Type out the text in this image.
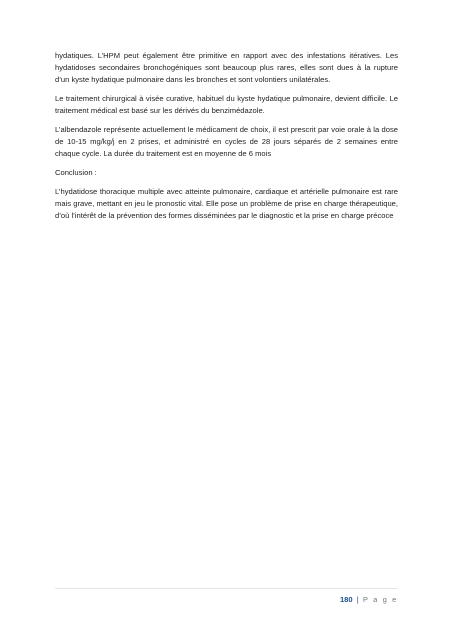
hydatiques. L’HPM peut également être primitive en rapport avec des infestations itératives. Les hydatidoses secondaires bronchogéniques sont beaucoup plus rares, elles sont dues à la rupture d’un kyste hydatique pulmonaire dans les bronches et sont volontiers unilatérales.

Le traitement chirurgical à visée curative, habituel du kyste hydatique pulmonaire, devient difficile. Le traitement médical est basé sur les dérivés du benzimédazole.

L’albendazole représente actuellement le médicament de choix, il est prescrit par voie orale à la dose de 10-15 mg/kg/j en 2 prises, et administré en cycles de 28 jours séparés de 2 semaines entre chaque cycle. La durée du traitement est en moyenne de 6 mois

Conclusion :

L’hydatidose thoracique multiple avec atteinte pulmonaire, cardiaque et artérielle pulmonaire est rare mais grave, mettant en jeu le pronostic vital. Elle pose un problème de prise en charge thérapeutique, d’où l’intérêt de la prévention des formes disséminées par le diagnostic et la prise en charge précoce

180 | P a g e
